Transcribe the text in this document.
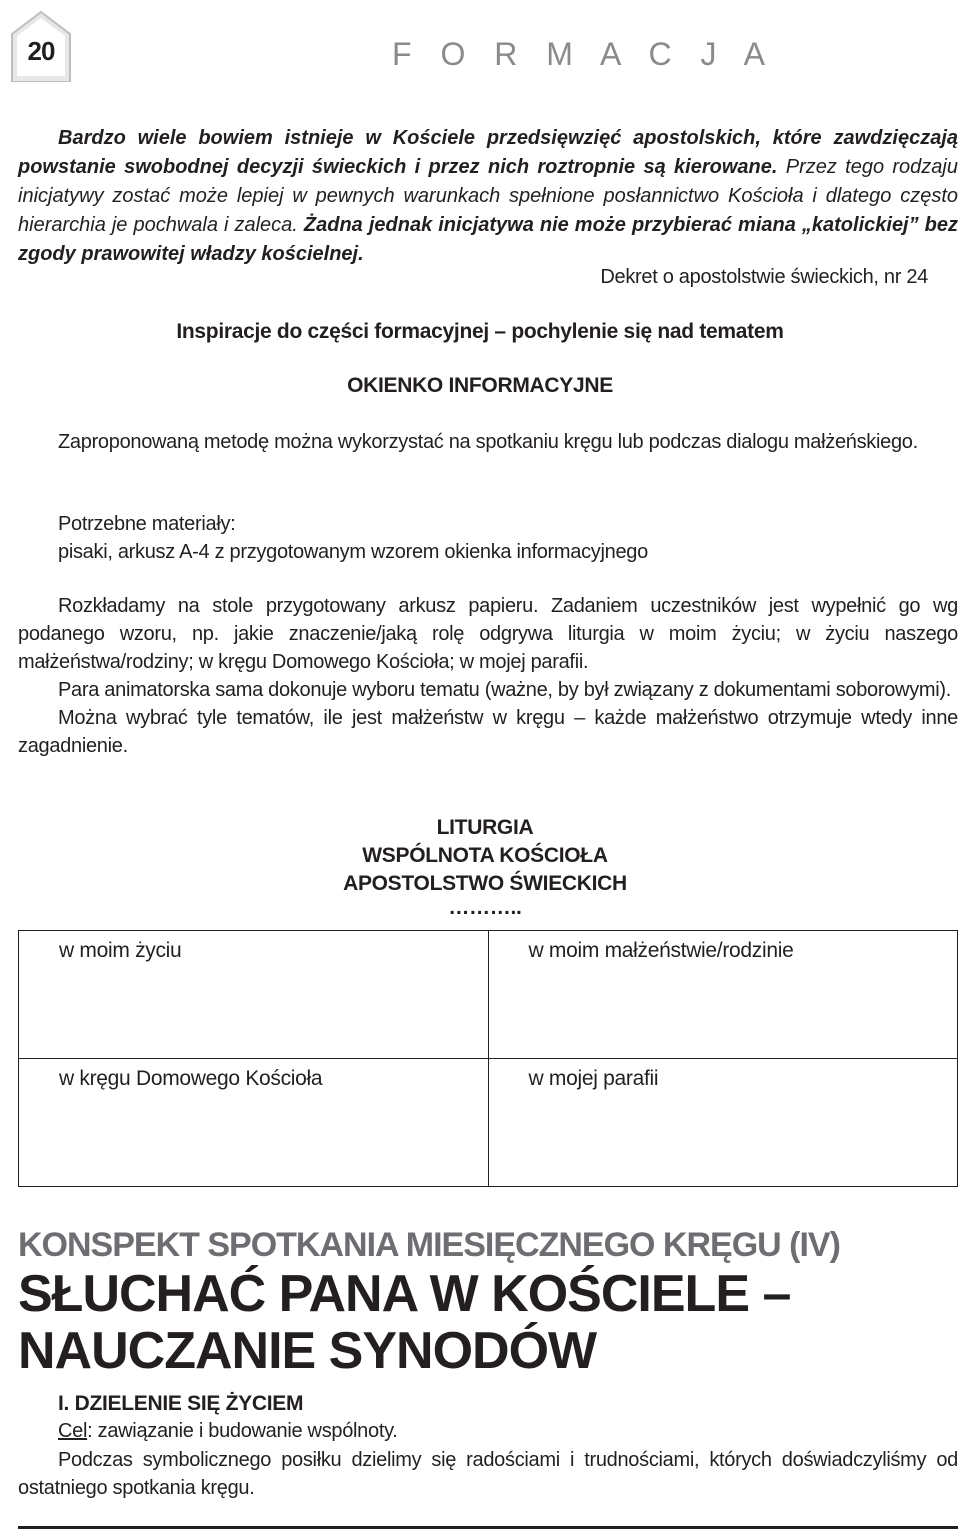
20	F O R M A C J A
Bardzo wiele bowiem istnieje w Kościele przedsięwzięć apostolskich, które zawdzięczają powstanie swobodnej decyzji świeckich i przez nich roztropnie są kierowane. Przez tego rodzaju inicjatywy zostać może lepiej w pewnych warunkach spełnione posłannictwo Kościoła i dlatego często hierarchia je pochwala i zaleca. Żadna jednak inicjatywa nie może przybierać miana „katolickiej” bez zgody prawowitej władzy kościelnej.
Dekret o apostolstwie świeckich, nr 24
Inspiracje do części formacyjnej – pochylenie się nad tematem
OKIENKO INFORMACYJNE

Zaproponowaną metodę można wykorzystać na spotkaniu kręgu lub podczas dialogu małżeńskiego.

Potrzebne materiały:

pisaki, arkusz A-4 z przygotowanym wzorem okienka informacyjnego

Rozkładamy na stole przygotowany arkusz papieru. Zadaniem uczestników jest wypełnić go wg podanego wzoru, np. jakie znaczenie/jaką rolę odgrywa liturgia w moim życiu; w życiu naszego małżeństwa/rodziny; w kręgu Domowego Kościoła; w mojej parafii.

Para animatorska sama dokonuje wyboru tematu (ważne, by był związany z dokumentami soborowymi).

Można wybrać tyle tematów, ile jest małżeństw w kręgu – każde małżeństwo otrzymuje wtedy inne zagadnienie.

LITURGIA
WSPÓLNOTA KOŚCIOŁA
APOSTOLSTWO ŚWIECKICH
………..
w moim życiu	w moim małżeństwie/rodzinie
w kręgu Domowego Kościoła	w mojej parafii
KONSPEKT SPOTKANIA MIESIĘCZNEGO KRĘGU (IV)
SŁUCHAĆ PANA W KOŚCIELE –
NAUCZANIE SYNODÓW
I. DZIELENIE SIĘ ŻYCIEM
Cel: zawiązanie i budowanie wspólnoty.

Podczas symbolicznego posiłku dzielimy się radościami i trudnościami, których doświadczyliśmy od ostatniego spotkania kręgu.
